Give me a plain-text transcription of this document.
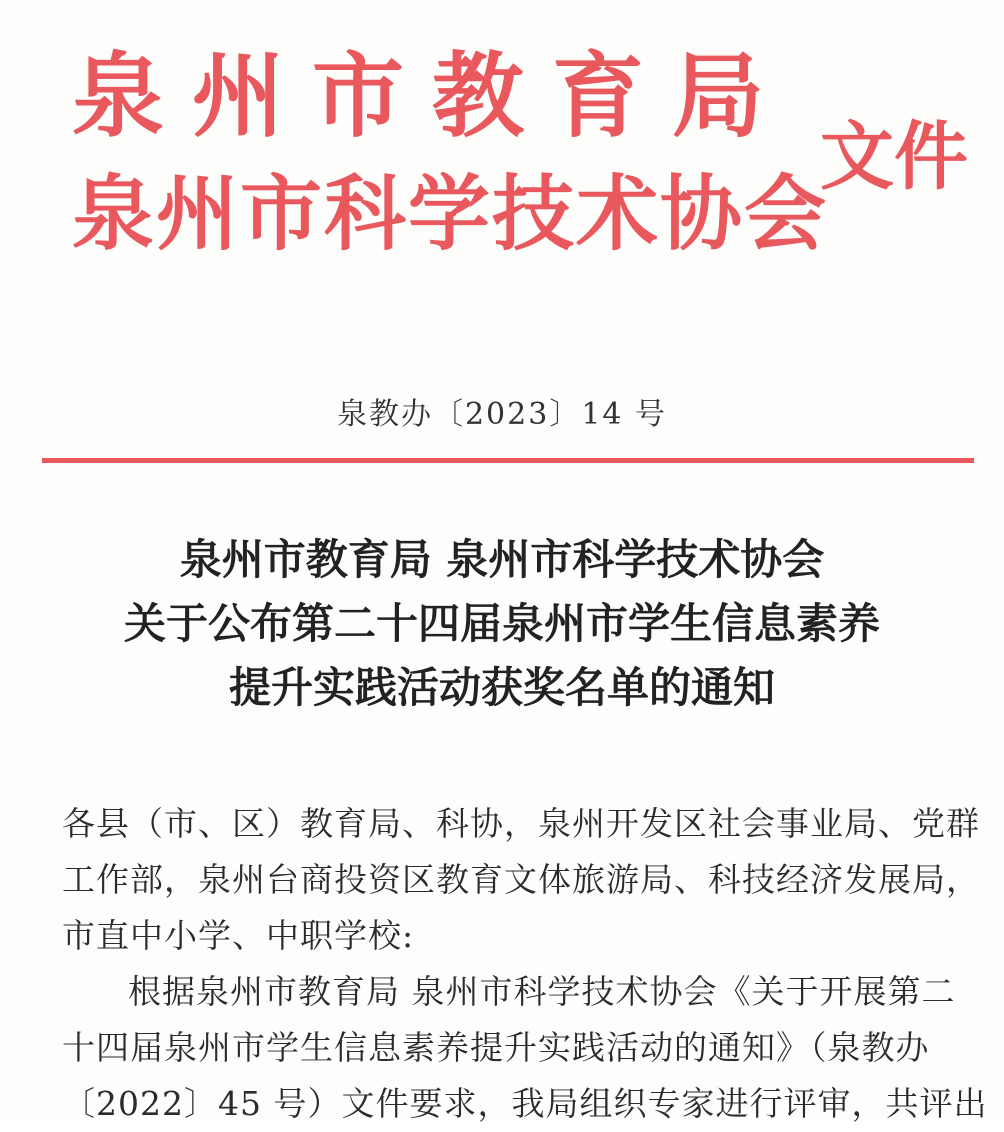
泉州市教育局
泉州市科学技术协会
文件
泉教办〔2023〕14 号
泉州市教育局 泉州市科学技术协会
关于公布第二十四届泉州市学生信息素养
提升实践活动获奖名单的通知
各县（市、区）教育局、科协，泉州开发区社会事业局、党群
工作部，泉州台商投资区教育文体旅游局、科技经济发展局，
市直中小学、中职学校:
根据泉州市教育局 泉州市科学技术协会《关于开展第二
十四届泉州市学生信息素养提升实践活动的通知》（泉教办
〔2022〕45 号）文件要求，我局组织专家进行评审，共评出
